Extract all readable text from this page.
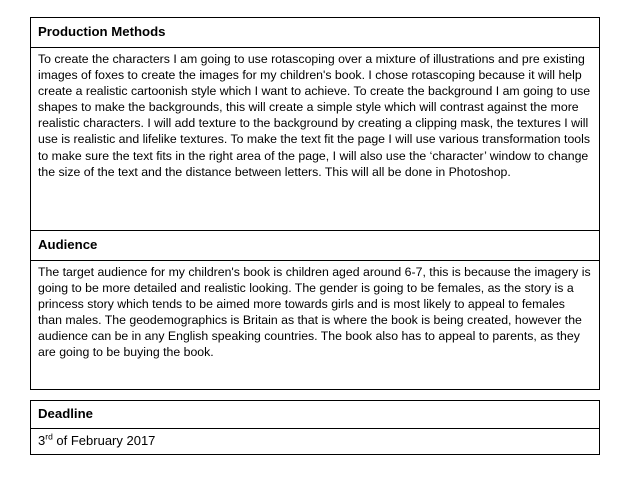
Production Methods
To create the characters I am going to use rotascoping over a mixture of illustrations and pre existing images of foxes to create the images for my children's book. I chose rotascoping because it will help create a realistic cartoonish style which I want to achieve. To create the background I am going to use shapes to make the backgrounds, this will create a simple style which will contrast against the more realistic characters. I will add texture to the background by creating a clipping mask, the textures I will use is realistic and lifelike textures. To make the text fit the page I will use various transformation tools to make sure the text fits in the right area of the page, I will also use the ‘character’ window to change the size of the text and the distance between letters. This will all be done in Photoshop.
Audience
The target audience for my children's book is children aged around 6-7, this is because the imagery is going to be more detailed and realistic looking. The gender is going to be females, as the story is a princess story which tends to be aimed more towards girls and is most likely to appeal to females than males. The geodemographics is Britain as that is where the book is being created, however the audience can be in any English speaking countries. The book also has to appeal to parents, as they are going to be buying the book.
Deadline
3rd of February 2017
